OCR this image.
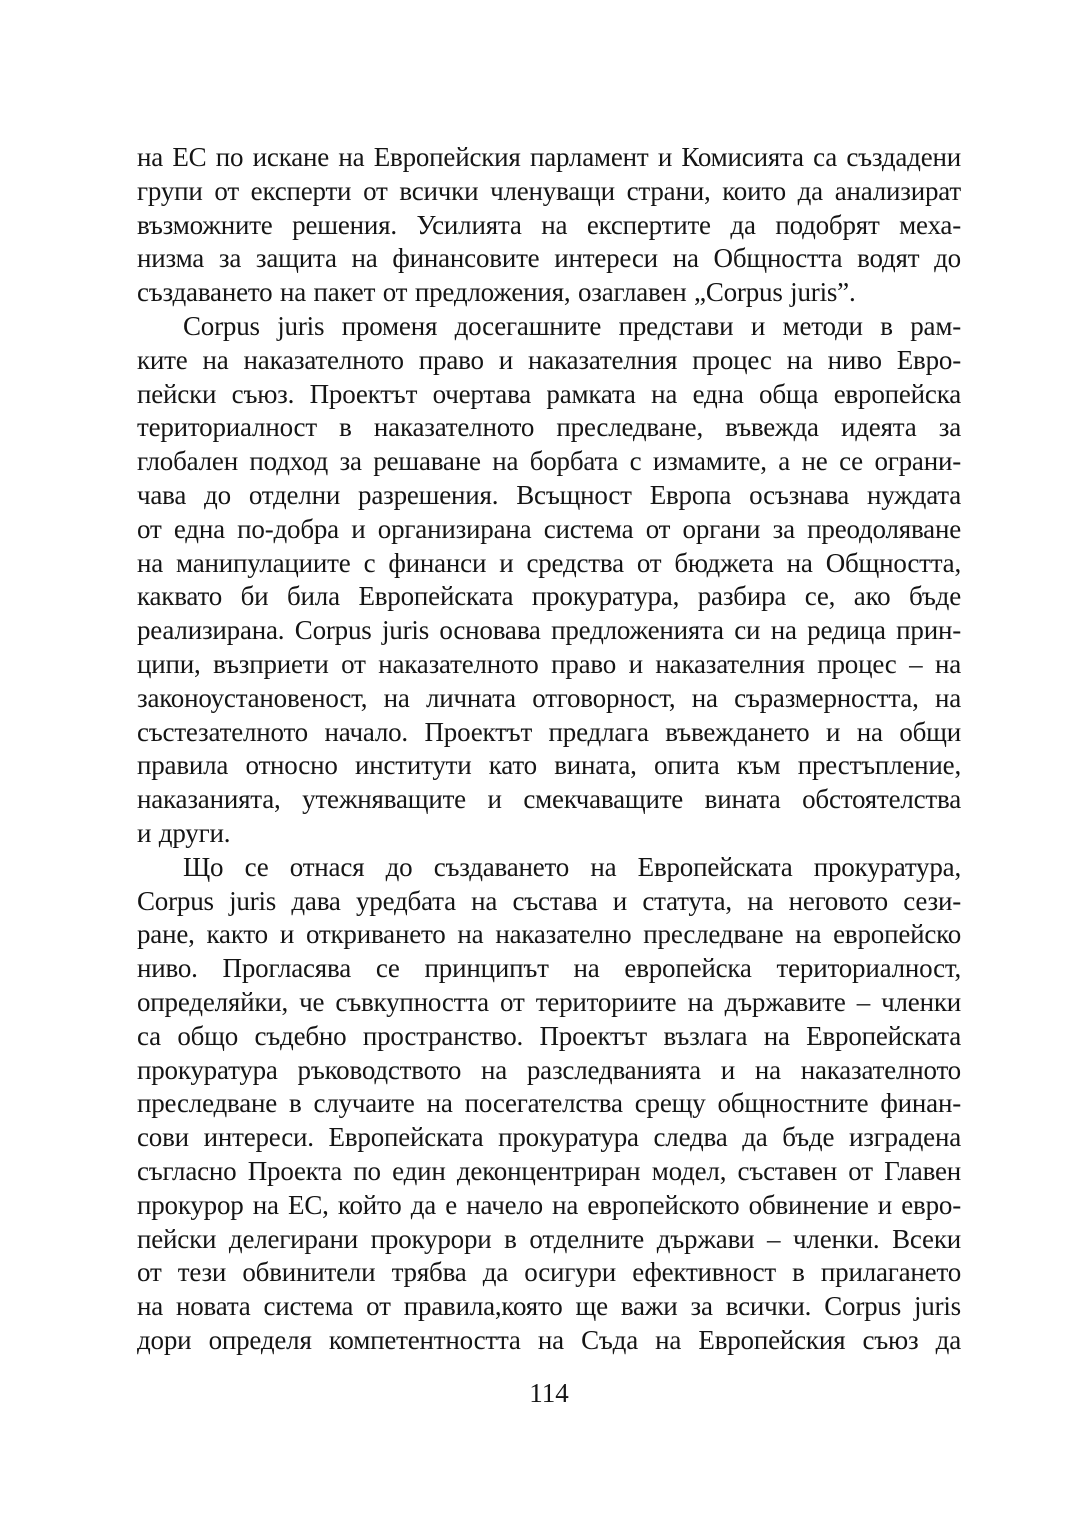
на ЕС по искане на Европейския парламент и Комисията са създадени
групи от експерти от всички членуващи страни, които да анализират
възможните решения. Усилията на експертите да подобрят меха-
низма за защита на финансовите интереси на Общността водят до
създаването на пакет от предложения, озаглавен „Corpus juris”.
Corpus juris променя досегашните представи и методи в рам-
ките на наказателното право и наказателния процес на ниво Евро-
пейски съюз. Проектът очертава рамката на една обща европейска
териториалност в наказателното преследване, въвежда идеята за
глобален подход за решаване на борбата с измамите, а не се ограни-
чава до отделни разрешения. Всъщност Европа осъзнава нуждата
от една по-добра и организирана система от органи за преодоляване
на манипулациите с финанси и средства от бюджета на Общността,
каквато би била Европейската прокуратура, разбира се, ако бъде
реализирана. Corpus juris основава предложенията си на редица прин-
ципи, възприети от наказателното право и наказателния процес – на
законоустановеност, на личната отговорност, на съразмерността, на
състезателното начало. Проектът предлага въвеждането и на общи
правила относно институти като вината, опита към престъпление,
наказанията, утежняващите и смекчаващите вината обстоятелства
и други.
Що се отнася до създаването на Европейската прокуратура,
Corpus juris дава уредбата на състава и статута, на неговото сези-
ране, както и откриването на наказателно преследване на европейско
ниво. Прогласява се принципът на европейска териториалност,
определяйки, че съвкупността от териториите на държавите – членки
са общо съдебно пространство. Проектът възлага на Европейската
прокуратура ръководството на разследванията и на наказателното
преследване в случаите на посегателства срещу общностните финан-
сови интереси. Европейската прокуратура следва да бъде изградена
съгласно Проекта по един деконцентриран модел, съставен от Главен
прокурор на ЕС, който да е начело на европейското обвинение и евро-
пейски делегирани прокурори в отделните държави – членки. Всеки
от тези обвинители трябва да осигури ефективност в прилагането
на новата система от правила,която ще важи за всички. Corpus juris
дори определя компетентността на Съда на Европейския съюз да
114
